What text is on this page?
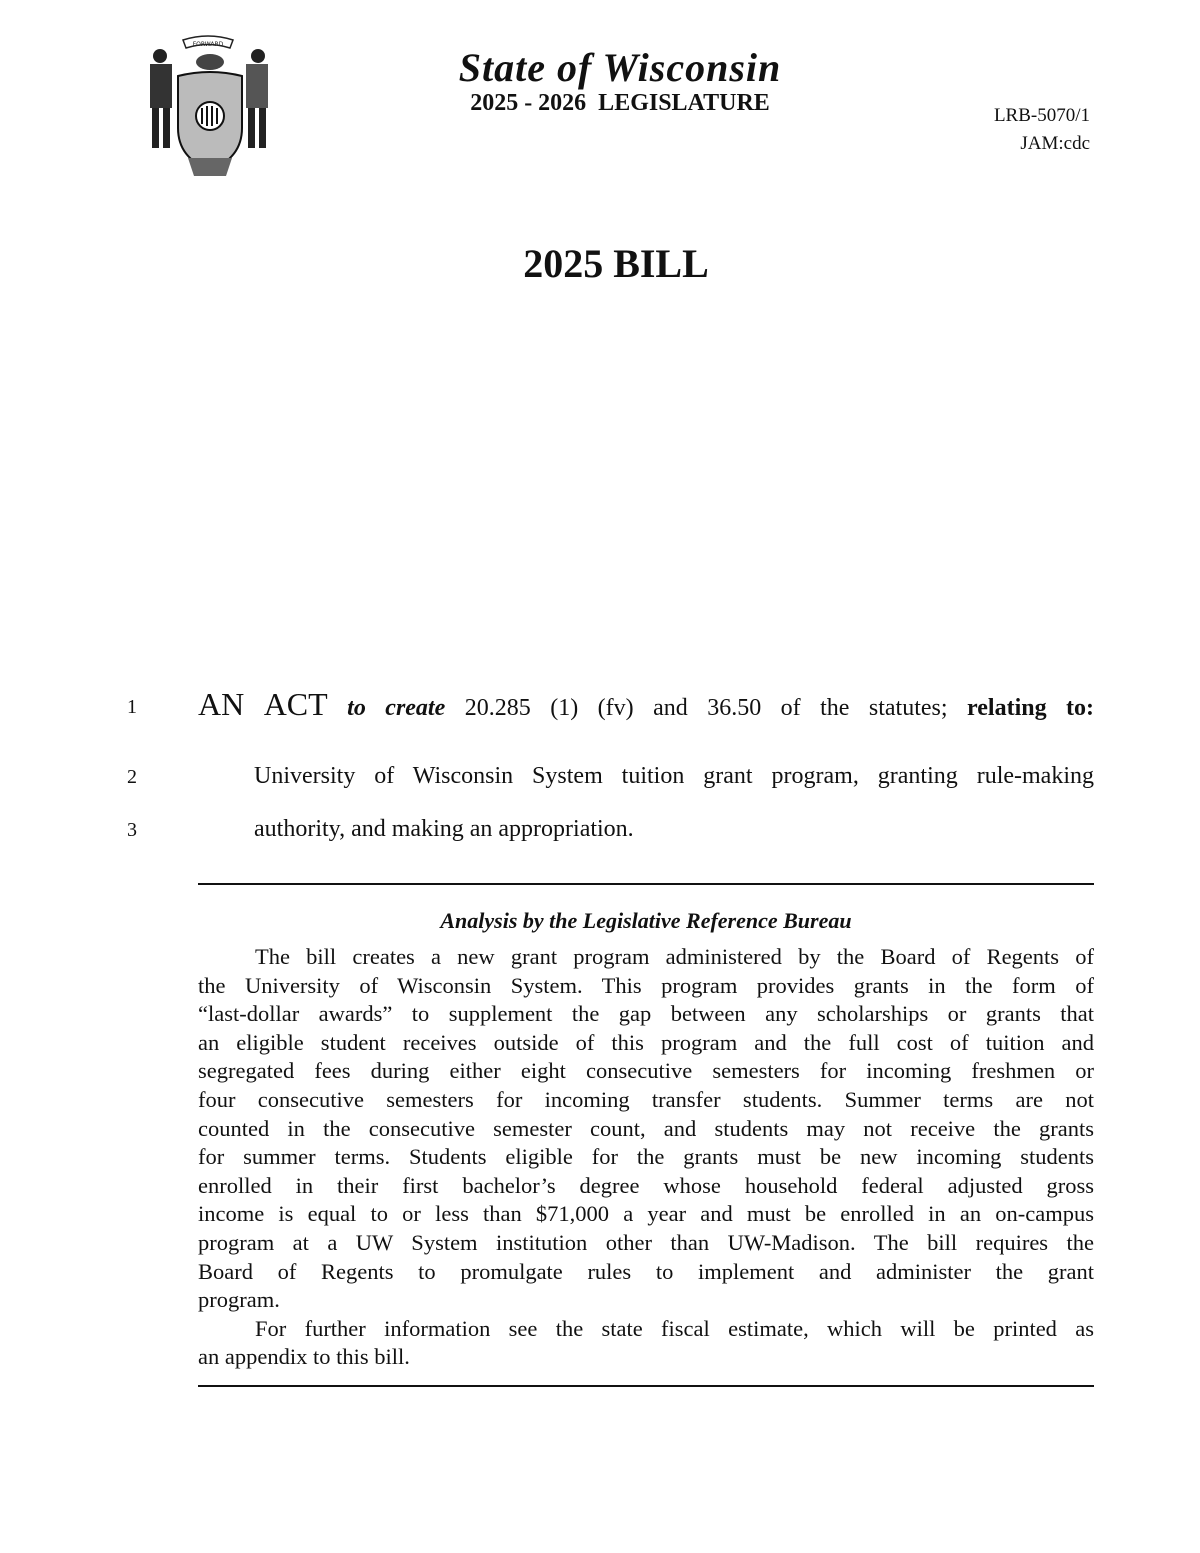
FORWARD
State of Wisconsin
2025 - 2026  LEGISLATURE	LRB-5070/1
JAM:cdc
2025 BILL
1
2
3
AN ACT to create 20.285 (1) (fv) and 36.50 of the statutes; relating to:
University of Wisconsin System tuition grant program, granting rule-making
authority, and making an appropriation.
Analysis by the Legislative Reference Bureau
The bill creates a new grant program administered by the Board of Regents of
the University of Wisconsin System. This program provides grants in the form of
“last-dollar awards” to supplement the gap between any scholarships or grants that
an eligible student receives outside of this program and the full cost of tuition and
segregated fees during either eight consecutive semesters for incoming freshmen or
four consecutive semesters for incoming transfer students. Summer terms are not
counted in the consecutive semester count, and students may not receive the grants
for summer terms. Students eligible for the grants must be new incoming students
enrolled in their first bachelor’s degree whose household federal adjusted gross
income is equal to or less than $71,000 a year and must be enrolled in an on-campus
program at a UW System institution other than UW-Madison. The bill requires the
Board of Regents to promulgate rules to implement and administer the grant
program.
For further information see the state fiscal estimate, which will be printed as
an appendix to this bill.
